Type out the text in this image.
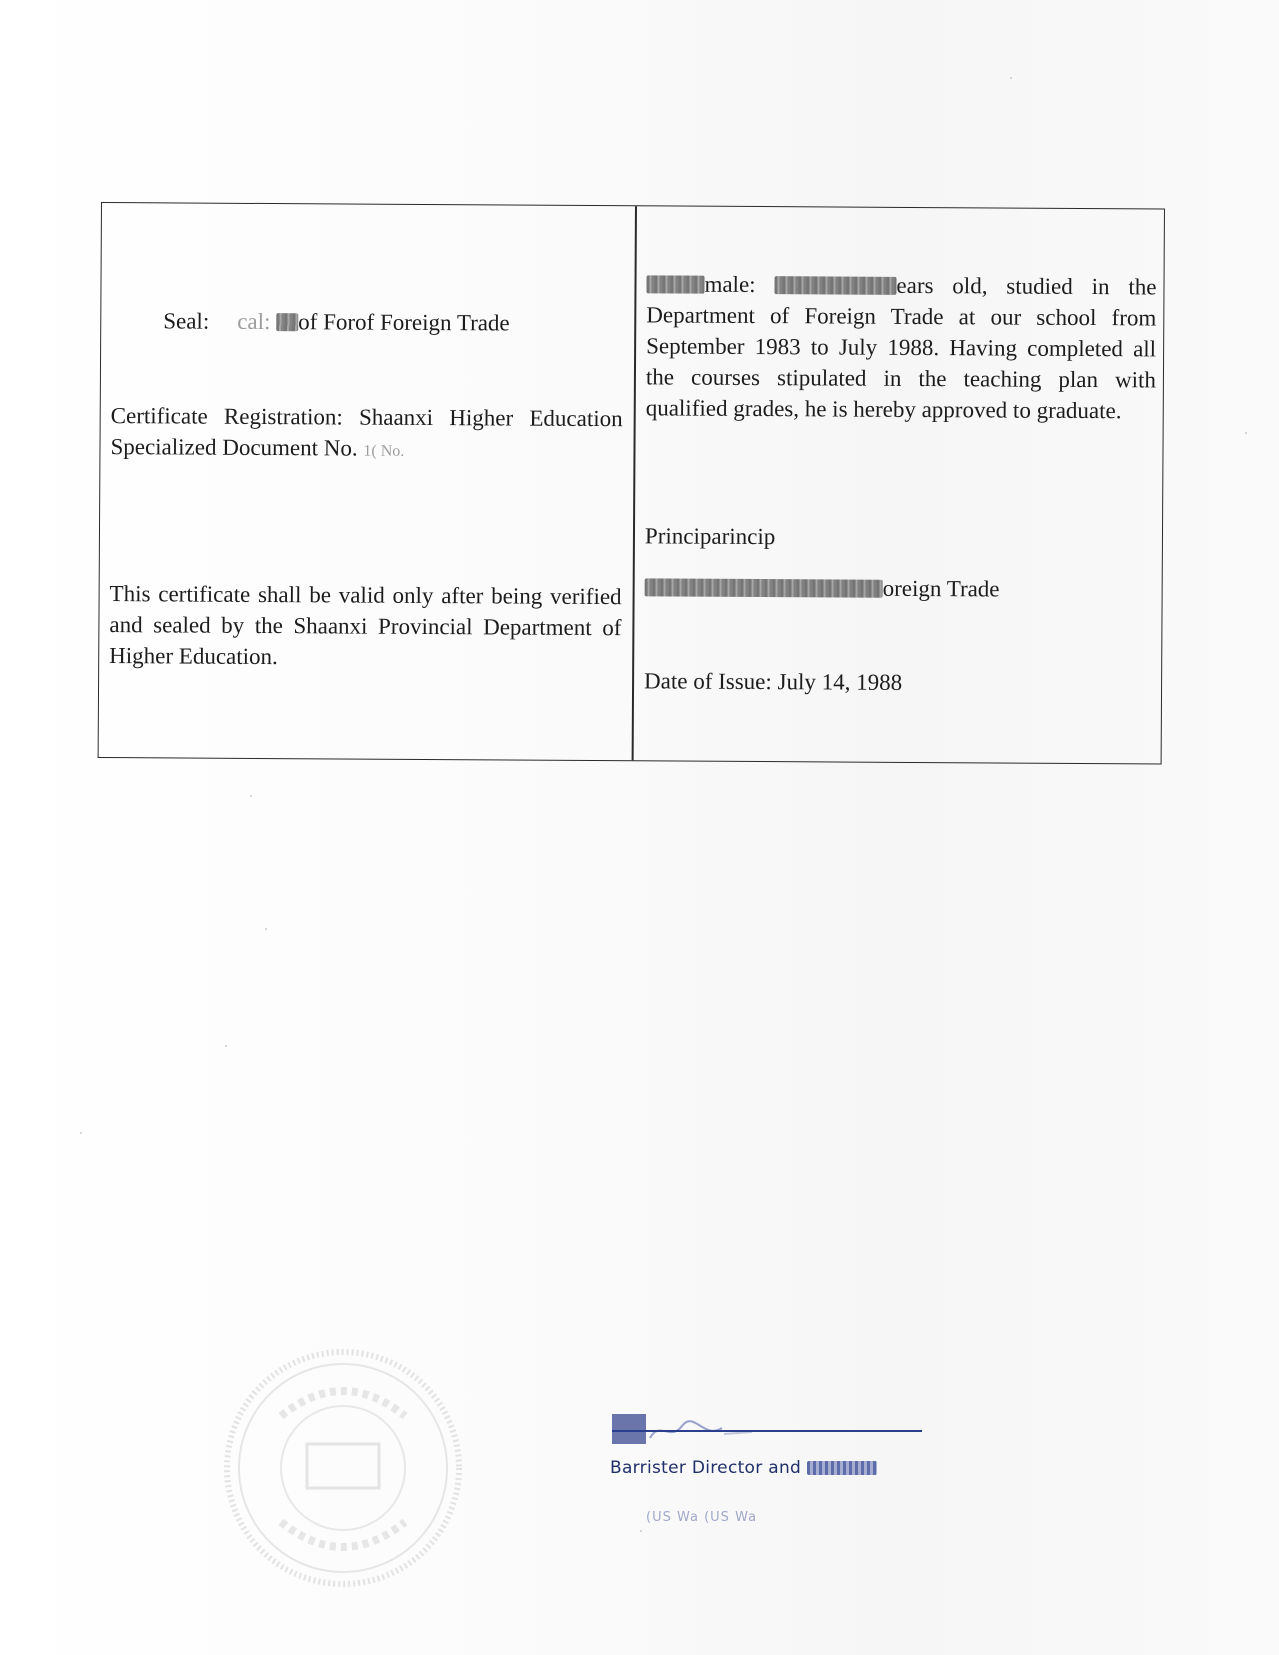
Seal: cal: of Forof Foreign Trade
Certificate Registration: Shaanxi Higher Education Specialized Document No. 1( No.
This certificate shall be valid only after being verified and sealed by the Shaanxi Provincial Department of Higher Education.
male:	ears old, studied in the Department of Foreign Trade at our school from September 1983 to July 1988. Having completed all the courses stipulated in the teaching plan with qualified grades, he is hereby approved to graduate.
Principarincip
oreign Trade
Date of Issue: July 14, 1988
Barrister Director and
(US Wa (US Wa
